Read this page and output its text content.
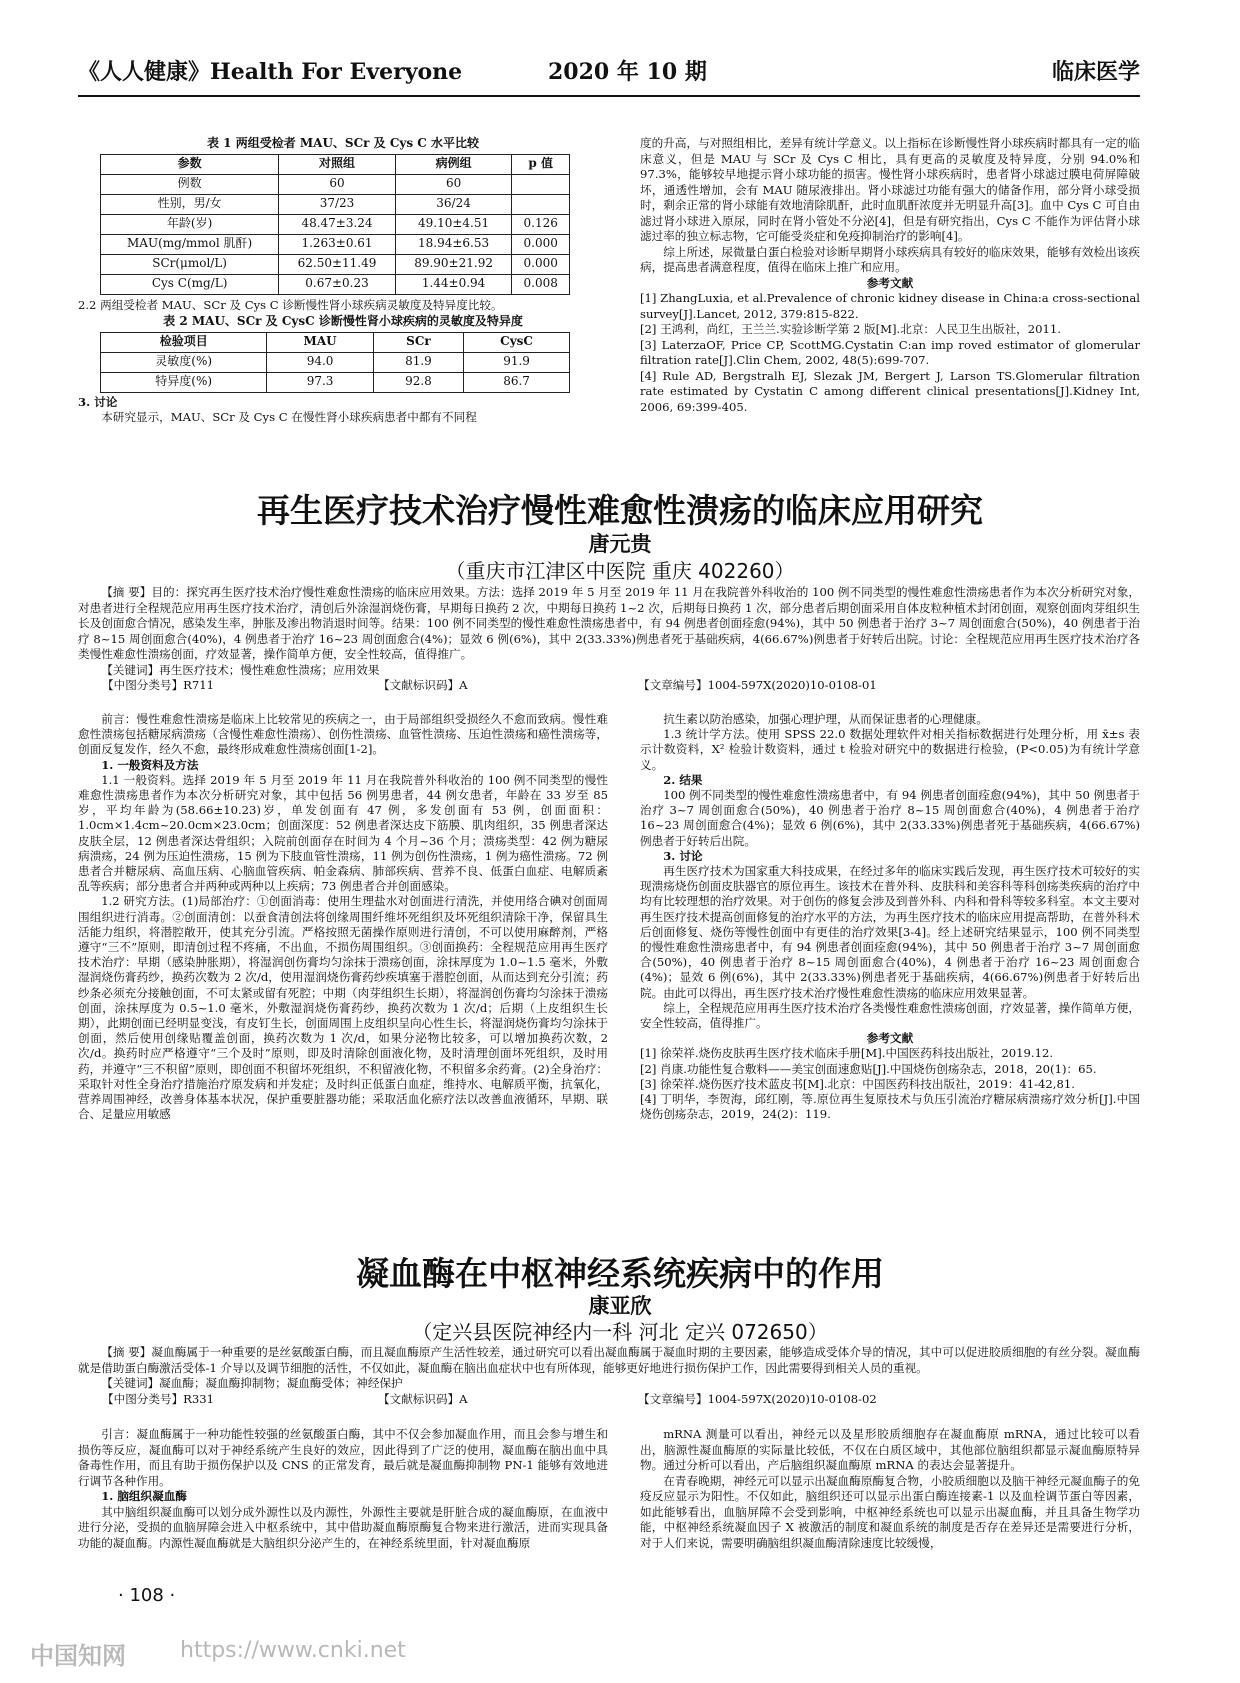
《人人健康》Health For Everyone	2020 年 10 期	临床医学

表 1 两组受检者 MAU、SCr 及 Cys C 水平比较

参数	对照组	病例组	p 值
例数	60	60	
性别，男/女	37/23	36/24	
年龄(岁)	48.47±3.24	49.10±4.51	0.126
MAU(mg/mmol 肌酐)	1.263±0.61	18.94±6.53	0.000
SCr(μmol/L)	62.50±11.49	89.90±21.92	0.000
Cys C(mg/L)	0.67±0.23	1.44±0.94	0.008

2.2 两组受检者 MAU、SCr 及 Cys C 诊断慢性肾小球疾病灵敏度及特异度比较。

表 2 MAU、SCr 及 CysC 诊断慢性肾小球疾病的灵敏度及特异度

检验项目	MAU	SCr	CysC
灵敏度(%)	94.0	81.9	91.9
特异度(%)	97.3	92.8	86.7

3. 讨论

本研究显示，MAU、SCr 及 Cys C 在慢性肾小球疾病患者中都有不同程

度的升高，与对照组相比，差异有统计学意义。以上指标在诊断慢性肾小球疾病时都具有一定的临床意义，但是 MAU 与 SCr 及 Cys C 相比，具有更高的灵敏度及特异度，分别 94.0%和 97.3%，能够较早地提示肾小球功能的损害。慢性肾小球疾病时，患者肾小球滤过膜电荷屏障破坏，通透性增加，会有 MAU 随尿液排出。肾小球滤过功能有强大的储备作用，部分肾小球受损时，剩余正常的肾小球能有效地清除肌酐，此时血肌酐浓度并无明显升高[3]。血中 Cys C 可自由滤过肾小球进入原尿，同时在肾小管处不分泌[4]，但是有研究指出，Cys C 不能作为评估肾小球滤过率的独立标志物，它可能受炎症和免疫抑制治疗的影响[4]。

综上所述，尿微量白蛋白检验对诊断早期肾小球疾病具有较好的临床效果，能够有效检出该疾病，提高患者满意程度，值得在临床上推广和应用。

参考文献

[1] ZhangLuxia, et al.Prevalence of chronic kidney disease in China:a cross-sectional survey[J].Lancet, 2012, 379:815-822.

[2] 王鸿利，尚红，王兰兰.实验诊断学第 2 版[M].北京：人民卫生出版社，2011.

[3] LaterzaOF, Price CP, ScottMG.Cystatin C:an imp roved estimator of glomerular filtration rate[J].Clin Chem, 2002, 48(5):699-707.

[4] Rule AD, Bergstralh EJ, Slezak JM, Bergert J, Larson TS.Glomerular filtration rate estimated by Cystatin C among different clinical presentations[J].Kidney Int, 2006, 69:399-405.

再生医疗技术治疗慢性难愈性溃疡的临床应用研究
唐元贵
（重庆市江津区中医院 重庆 402260）

【摘 要】目的：探究再生医疗技术治疗慢性难愈性溃疡的临床应用效果。方法：选择 2019 年 5 月至 2019 年 11 月在我院普外科收治的 100 例不同类型的慢性难愈性溃疡患者作为本次分析研究对象，对患者进行全程规范应用再生医疗技术治疗，清创后外涂湿润烧伤膏，早期每日换药 2 次，中期每日换药 1~2 次，后期每日换药 1 次，部分患者后期创面采用自体皮粒种植术封闭创面，观察创面肉芽组织生长及创面愈合情况，感染发生率，肿胀及渗出物消退时间等。结果：100 例不同类型的慢性难愈性溃疡患者中，有 94 例患者创面痊愈(94%)，其中 50 例患者于治疗 3~7 周创面愈合(50%)，40 例患者于治疗 8~15 周创面愈合(40%)，4 例患者于治疗 16~23 周创面愈合(4%)；显效 6 例(6%)，其中 2(33.33%)例患者死于基础疾病，4(66.67%)例患者于好转后出院。讨论：全程规范应用再生医疗技术治疗各类慢性难愈性溃疡创面，疗效显著，操作简单方便，安全性较高，值得推广。

【关键词】再生医疗技术；慢性难愈性溃疡；应用效果

【中图分类号】R711	【文献标识码】A	【文章编号】1004-597X(2020)10-0108-01

前言：慢性难愈性溃疡是临床上比较常见的疾病之一，由于局部组织受损经久不愈而致病。慢性难愈性溃疡包括糖尿病溃疡（含慢性难愈性溃疡）、创伤性溃疡、血管性溃疡、压迫性溃疡和癌性溃疡等，创面反复发作，经久不愈，最终形成难愈性溃疡创面[1-2]。

1. 一般资料及方法

1.1 一般资料。选择 2019 年 5 月至 2019 年 11 月在我院普外科收治的 100 例不同类型的慢性难愈性溃疡患者作为本次分析研究对象，其中包括 56 例男患者，44 例女患者，年龄在 33 岁至 85 岁，平均年龄为(58.66±10.23)岁，单发创面有 47 例，多发创面有 53 例，创面面积：1.0cm×1.4cm~20.0cm×23.0cm；创面深度：52 例患者深达皮下筋膜、肌肉组织，35 例患者深达皮肤全层，12 例患者深达骨组织；入院前创面存在时间为 4 个月~36 个月；溃疡类型：42 例为糖尿病溃疡，24 例为压迫性溃疡，15 例为下肢血管性溃疡，11 例为创伤性溃疡，1 例为癌性溃疡。72 例患者合并糖尿病、高血压病、心脑血管疾病、帕金森病、肺部疾病、营养不良、低蛋白血症、电解质紊乱等疾病；部分患者合并两种或两种以上疾病；73 例患者合并创面感染。

1.2 研究方法。(1)局部治疗：①创面消毒：使用生理盐水对创面进行清洗，并使用络合碘对创面周围组织进行消毒。②创面清创：以蚕食清创法将创缘周围纤维坏死组织及坏死组织清除干净，保留具生活能力组织，将潜腔敞开，使其充分引流。严格按照无菌操作原则进行清创，不可以使用麻醉剂，严格遵守“三不”原则，即清创过程不疼痛，不出血，不损伤周围组织。③创面换药：全程规范应用再生医疗技术治疗：早期（感染肿胀期），将湿润创伤膏均匀涂抹于溃疡创面，涂抹厚度为 1.0~1.5 毫米，外敷湿润烧伤膏药纱，换药次数为 2 次/d，使用湿润烧伤膏药纱疾填塞于潜腔创面，从而达到充分引流；药纱条必须充分接触创面，不可太紧或留有死腔；中期（肉芽组织生长期），将湿润创伤膏均匀涂抹于溃疡创面，涂抹厚度为 0.5~1.0 毫米，外敷湿润烧伤膏药纱，换药次数为 1 次/d；后期（上皮组织生长期），此期创面已经明显变浅，有皮钉生长，创面周围上皮组织呈向心性生长，将湿润烧伤膏均匀涂抹于创面，然后使用创缘贴覆盖创面，换药次数为 1 次/d，如果分泌物比较多，可以增加换药次数，2 次/d。换药时应严格遵守“三个及时”原则，即及时清除创面液化物，及时清理创面坏死组织，及时用药，并遵守“三不积留”原则，即创面不积留坏死组织，不积留液化物，不积留多余药膏。(2)全身治疗：采取针对性全身治疗措施治疗原发病和并发症；及时纠正低蛋白血症，维持水、电解质平衡，抗氧化，营养周围神经，改善身体基本状况，保护重要脏器功能；采取活血化瘀疗法以改善血液循环，早期、联合、足量应用敏感

抗生素以防治感染，加强心理护理，从而保证患者的心理健康。

1.3 统计学方法。使用 SPSS 22.0 数据处理软件对相关指标数据进行处理分析，用 x̄±s 表示计数资料，X² 检验计数资料，通过 t 检验对研究中的数据进行检验，(P<0.05)为有统计学意义。

2. 结果

100 例不同类型的慢性难愈性溃疡患者中，有 94 例患者创面痊愈(94%)，其中 50 例患者于治疗 3~7 周创面愈合(50%)，40 例患者于治疗 8~15 周创面愈合(40%)，4 例患者于治疗 16~23 周创面愈合(4%)；显效 6 例(6%)，其中 2(33.33%)例患者死于基础疾病，4(66.67%)例患者于好转后出院。

3. 讨论

再生医疗技术为国家重大科技成果，在经过多年的临床实践后发现，再生医疗技术可较好的实现溃疡烧伤创面皮肤器官的原位再生。该技术在普外科、皮肤科和美容科等科创疡类疾病的治疗中均有比较理想的治疗效果。对于创伤的修复会涉及到普外科、内科和骨科等较多科室。本文主要对再生医疗技术提高创面修复的治疗水平的方法，为再生医疗技术的临床应用提高帮助，在普外科术后创面修复、烧伤等慢性创面中有更佳的治疗效果[3-4]。经上述研究结果显示，100 例不同类型的慢性难愈性溃疡患者中，有 94 例患者创面痊愈(94%)，其中 50 例患者于治疗 3~7 周创面愈合(50%)，40 例患者于治疗 8~15 周创面愈合(40%)，4 例患者于治疗 16~23 周创面愈合(4%)；显效 6 例(6%)，其中 2(33.33%)例患者死于基础疾病，4(66.67%)例患者于好转后出院。由此可以得出，再生医疗技术治疗慢性难愈性溃疡的临床应用效果显著。

综上，全程规范应用再生医疗技术治疗各类慢性难愈性溃疡创面，疗效显著，操作简单方便，安全性较高，值得推广。

参考文献

[1] 徐荣祥.烧伤皮肤再生医疗技术临床手册[M].中国医药科技出版社，2019.12.

[2] 肖康.功能性复合敷料——美宝创面速愈贴[J].中国烧伤创疡杂志，2018，20(1)：65.

[3] 徐荣祥.烧伤医疗技术蓝皮书[M].北京：中国医药科技出版社，2019：41-42,81.

[4] 丁明华，李贺海，邱红刚，等.原位再生复原技术与负压引流治疗糖尿病溃疡疗效分析[J].中国烧伤创疡杂志，2019，24(2)：119.

凝血酶在中枢神经系统疾病中的作用
康亚欣
（定兴县医院神经内一科 河北 定兴 072650）

【摘 要】凝血酶属于一种重要的是丝氨酸蛋白酶，而且凝血酶原产生活性较差，通过研究可以看出凝血酶属于凝血时期的主要因素，能够造成受体介导的情况，其中可以促进胶质细胞的有丝分裂。凝血酶就是借助蛋白酶激活受体-1 介导以及调节细胞的活性，不仅如此，凝血酶在脑出血症状中也有所体现，能够更好地进行损伤保护工作，因此需要得到相关人员的重视。

【关键词】凝血酶；凝血酶抑制物；凝血酶受体；神经保护

【中图分类号】R331	【文献标识码】A	【文章编号】1004-597X(2020)10-0108-02

引言：凝血酶属于一种功能性较强的丝氨酸蛋白酶，其中不仅会参加凝血作用，而且会参与增生和损伤等反应，凝血酶可以对于神经系统产生良好的效应，因此得到了广泛的使用，凝血酶在脑出血中具备毒性作用，而且有助于损伤保护以及 CNS 的正常发育，最后就是凝血酶抑制物 PN-1 能够有效地进行调节各种作用。

1. 脑组织凝血酶

其中脑组织凝血酶可以划分成外源性以及内源性，外源性主要就是肝脏合成的凝血酶原，在血液中进行分泌，受损的血脑屏障会进入中枢系统中，其中借助凝血酶原酶复合物来进行激活，进而实现具备功能的凝血酶。内源性凝血酶就是大脑组织分泌产生的，在神经系统里面，针对凝血酶原

mRNA 测量可以看出，神经元以及星形胶质细胞存在凝血酶原 mRNA，通过比较可以看出，脑源性凝血酶原的实际量比较低，不仅在白质区域中，其他部位脑组织都显示凝血酶原特异物。通过分析可以看出，产后脑组织凝血酶原 mRNA 的表达会显著提升。

在青春晚期，神经元可以显示出凝血酶原酶复合物，小胶质细胞以及脑干神经元凝血酶子的免疫反应显示为阳性。不仅如此，脑组织还可以显示出蛋白酶连接素-1 以及血栓调节蛋白等因素，如此能够看出，血脑屏障不会受到影响，中枢神经系统也可以显示出凝血酶，并且具备生物学功能，中枢神经系统凝血因子 X 被激活的制度和凝血系统的制度是否存在差异还是需要进行分析，对于人们来说，需要明确脑组织凝血酶清除速度比较缓慢，

· 108 ·
中国知网 https://www.cnki.net
